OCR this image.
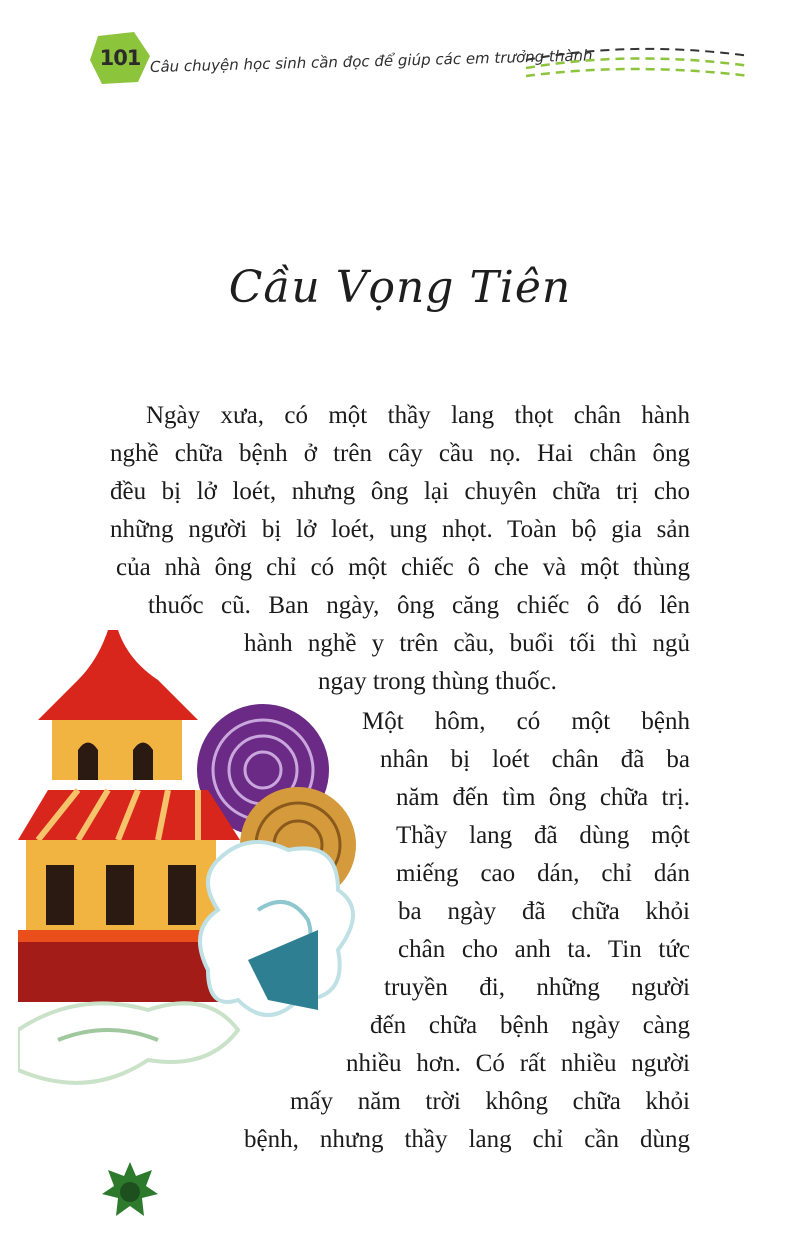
101 Câu chuyện học sinh cần đọc để giúp các em trưởng thành
Cầu Vọng Tiên
Ngày xưa, có một thầy lang thọt chân hành
nghề chữa bệnh ở trên cây cầu nọ. Hai chân ông
đều bị lở loét, nhưng ông lại chuyên chữa trị cho
những người bị lở loét, ung nhọt. Toàn bộ gia sản
của nhà ông chỉ có một chiếc ô che và một thùng
thuốc cũ. Ban ngày, ông căng chiếc ô đó lên
hành nghề y trên cầu, buổi tối thì ngủ
ngay trong thùng thuốc.
Một hôm, có một bệnh
nhân bị loét chân đã ba
năm đến tìm ông chữa trị.
Thầy lang đã dùng một
miếng cao dán, chỉ dán
ba ngày đã chữa khỏi
chân cho anh ta. Tin tức
truyền đi, những người
đến chữa bệnh ngày càng
nhiều hơn. Có rất nhiều người
mấy năm trời không chữa khỏi
bệnh, nhưng thầy lang chỉ cần dùng
